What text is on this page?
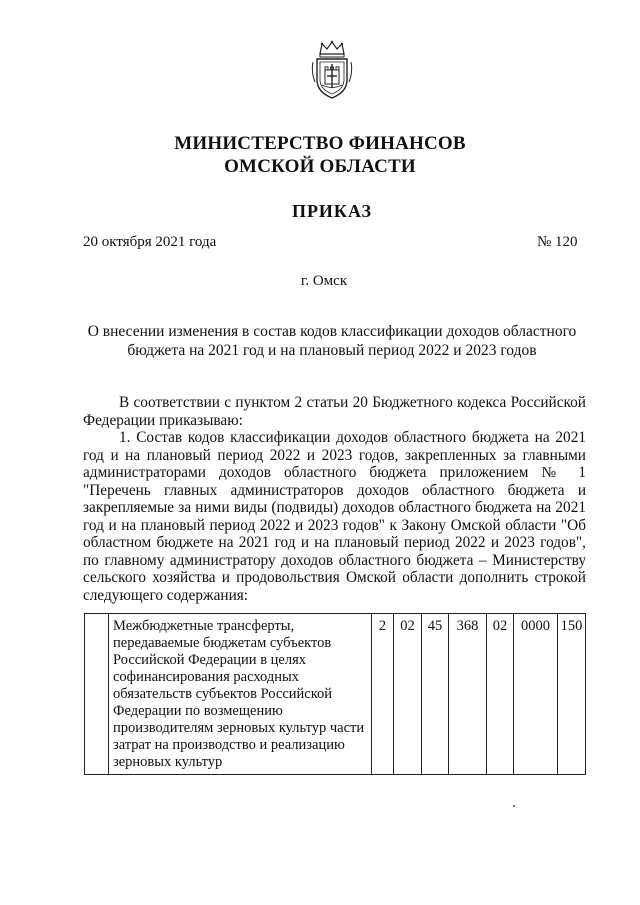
МИНИСТЕРСТВО ФИНАНСОВ
ОМСКОЙ ОБЛАСТИ
ПРИКАЗ
20 октября 2021 года	№ 120
г. Омск
О внесении изменения в состав кодов классификации доходов областного
бюджета на 2021 год и на плановый период 2022 и 2023 годов

В соответствии с пунктом 2 статьи 20 Бюджетного кодекса Российской Федерации приказываю:

1. Состав кодов классификации доходов областного бюджета на 2021 год и на плановый период 2022 и 2023 годов, закрепленных за главными администраторами доходов областного бюджета приложением № 1 "Перечень главных администраторов доходов областного бюджета и закрепляемые за ними виды (подвиды) доходов областного бюджета на 2021 год и на плановый период 2022 и 2023 годов" к Закону Омской области "Об областном бюджете на 2021 год и на плановый период 2022 и 2023 годов", по главному администратору доходов областного бюджета – Министерству сельского хозяйства и продовольствия Омской области дополнить строкой следующего содержания:

	Межбюджетные трансферты, передаваемые бюджетам субъектов Российской Федерации в целях софинансирования расходных обязательств субъектов Российской Федерации по возмещению производителям зерновых культур части затрат на производство и реализацию зерновых культур	2	02	45	368	02	0000	150
